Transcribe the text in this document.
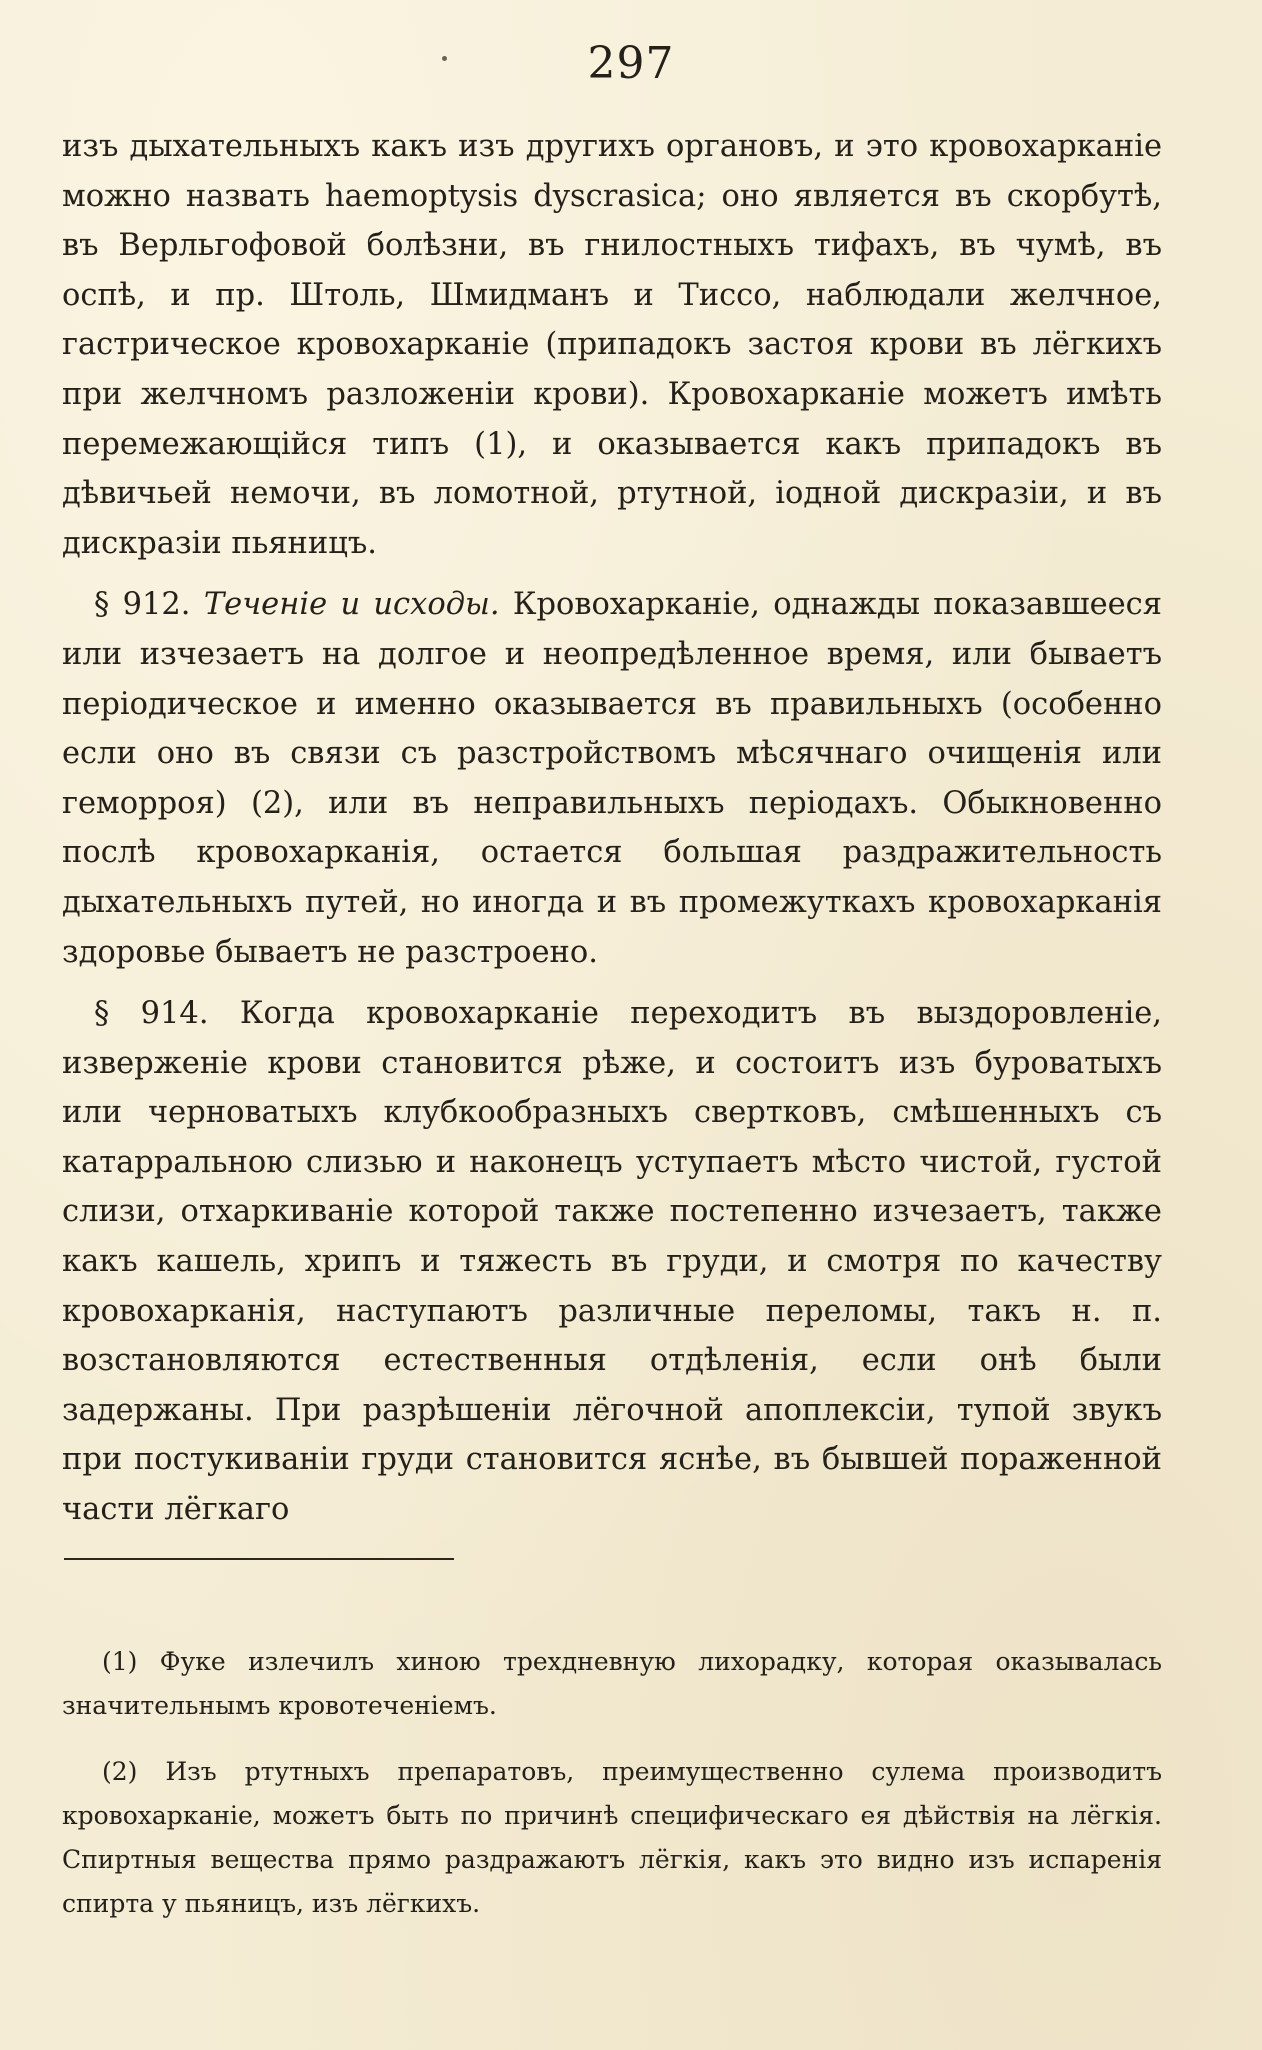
297

изъ дыхательныхъ какъ изъ другихъ органовъ, и это кровохарканіе можно назвать haemoptysis dyscrasica; оно является въ скорбутѣ, въ Верльгофовой болѣзни, въ гнилостныхъ тифахъ, въ чумѣ, въ оспѣ, и пр. Штоль, Шмидманъ и Тиссо, наблюдали желчное, гастрическое кровохарканіе (припадокъ застоя крови въ лёгкихъ при желчномъ разложеніи крови). Кровохарканіе можетъ имѣть перемежающійся типъ (1), и оказывается какъ припадокъ въ дѣвичьей немочи, въ ломотной, ртутной, іодной дискразіи, и въ дискразіи пьяницъ.

§ 912. Теченіе и исходы. Кровохарканіе, однажды показавшееся или изчезаетъ на долгое и неопредѣленное время, или бываетъ періодическое и именно оказывается въ правильныхъ (особенно если оно въ связи съ разстройствомъ мѣсячнаго очищенія или геморроя) (2), или въ неправильныхъ періодахъ. Обыкновенно послѣ кровохарканія, остается большая раздражительность дыхательныхъ путей, но иногда и въ промежуткахъ кровохарканія здоровье бываетъ не разстроено.

§ 914. Когда кровохарканіе переходитъ въ выздоровленіе, изверженіе крови становится рѣже, и состоитъ изъ буроватыхъ или черноватыхъ клубкообразныхъ свертковъ, смѣшенныхъ съ катарральною слизью и наконецъ уступаетъ мѣсто чистой, густой слизи, отхаркиваніе которой также постепенно изчезаетъ, также какъ кашель, хрипъ и тяжесть въ груди, и смотря по качеству кровохарканія, наступаютъ различные переломы, такъ н. п. возстановляются естественныя отдѣленія, если онѣ были задержаны. При разрѣшеніи лёгочной апоплексіи, тупой звукъ при постукиваніи груди становится яснѣе, въ бывшей пораженной части лёгкаго

(1) Фуке излечилъ хиною трехдневную лихорадку, которая оказывалась значительнымъ кровотеченіемъ.

(2) Изъ ртутныхъ препаратовъ, преимущественно сулема производитъ кровохарканіе, можетъ быть по причинѣ специфическаго ея дѣйствія на лёгкія. Спиртныя вещества прямо раздражаютъ лёгкія, какъ это видно изъ испаренія спирта у пьяницъ, изъ лёгкихъ.
